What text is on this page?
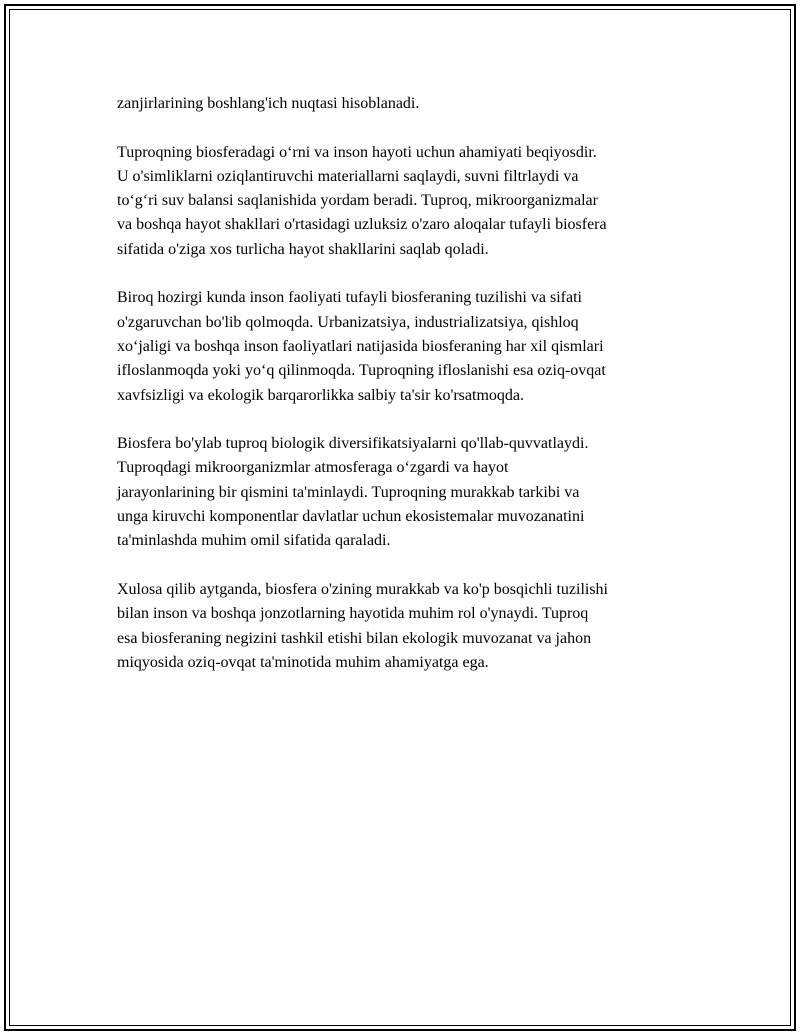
zanjirlarining boshlang'ich nuqtasi hisoblanadi.

Tuproqning biosferadagi o‘rni va inson hayoti uchun ahamiyati beqiyosdir.
U o'simliklarni oziqlantiruvchi materiallarni saqlaydi, suvni filtrlaydi va
to‘g‘ri suv balansi saqlanishida yordam beradi. Tuproq, mikroorganizmalar
va boshqa hayot shakllari o'rtasidagi uzluksiz o'zaro aloqalar tufayli biosfera
sifatida o'ziga xos turlicha hayot shakllarini saqlab qoladi.

Biroq hozirgi kunda inson faoliyati tufayli biosferaning tuzilishi va sifati
o'zgaruvchan bo'lib qolmoqda. Urbanizatsiya, industrializatsiya, qishloq
xo‘jaligi va boshqa inson faoliyatlari natijasida biosferaning har xil qismlari
ifloslanmoqda yoki yo‘q qilinmoqda. Tuproqning ifloslanishi esa oziq-ovqat
xavfsizligi va ekologik barqarorlikka salbiy ta'sir ko'rsatmoqda.

Biosfera bo'ylab tuproq biologik diversifikatsiyalarni qo'llab-quvvatlaydi.
Tuproqdagi mikroorganizmlar atmosferaga o‘zgardi va hayot
jarayonlarining bir qismini ta'minlaydi. Tuproqning murakkab tarkibi va
unga kiruvchi komponentlar davlatlar uchun ekosistemalar muvozanatini
ta'minlashda muhim omil sifatida qaraladi.

Xulosa qilib aytganda, biosfera o'zining murakkab va ko'p bosqichli tuzilishi
bilan inson va boshqa jonzotlarning hayotida muhim rol o'ynaydi. Tuproq
esa biosferaning negizini tashkil etishi bilan ekologik muvozanat va jahon
miqyosida oziq-ovqat ta'minotida muhim ahamiyatga ega.
